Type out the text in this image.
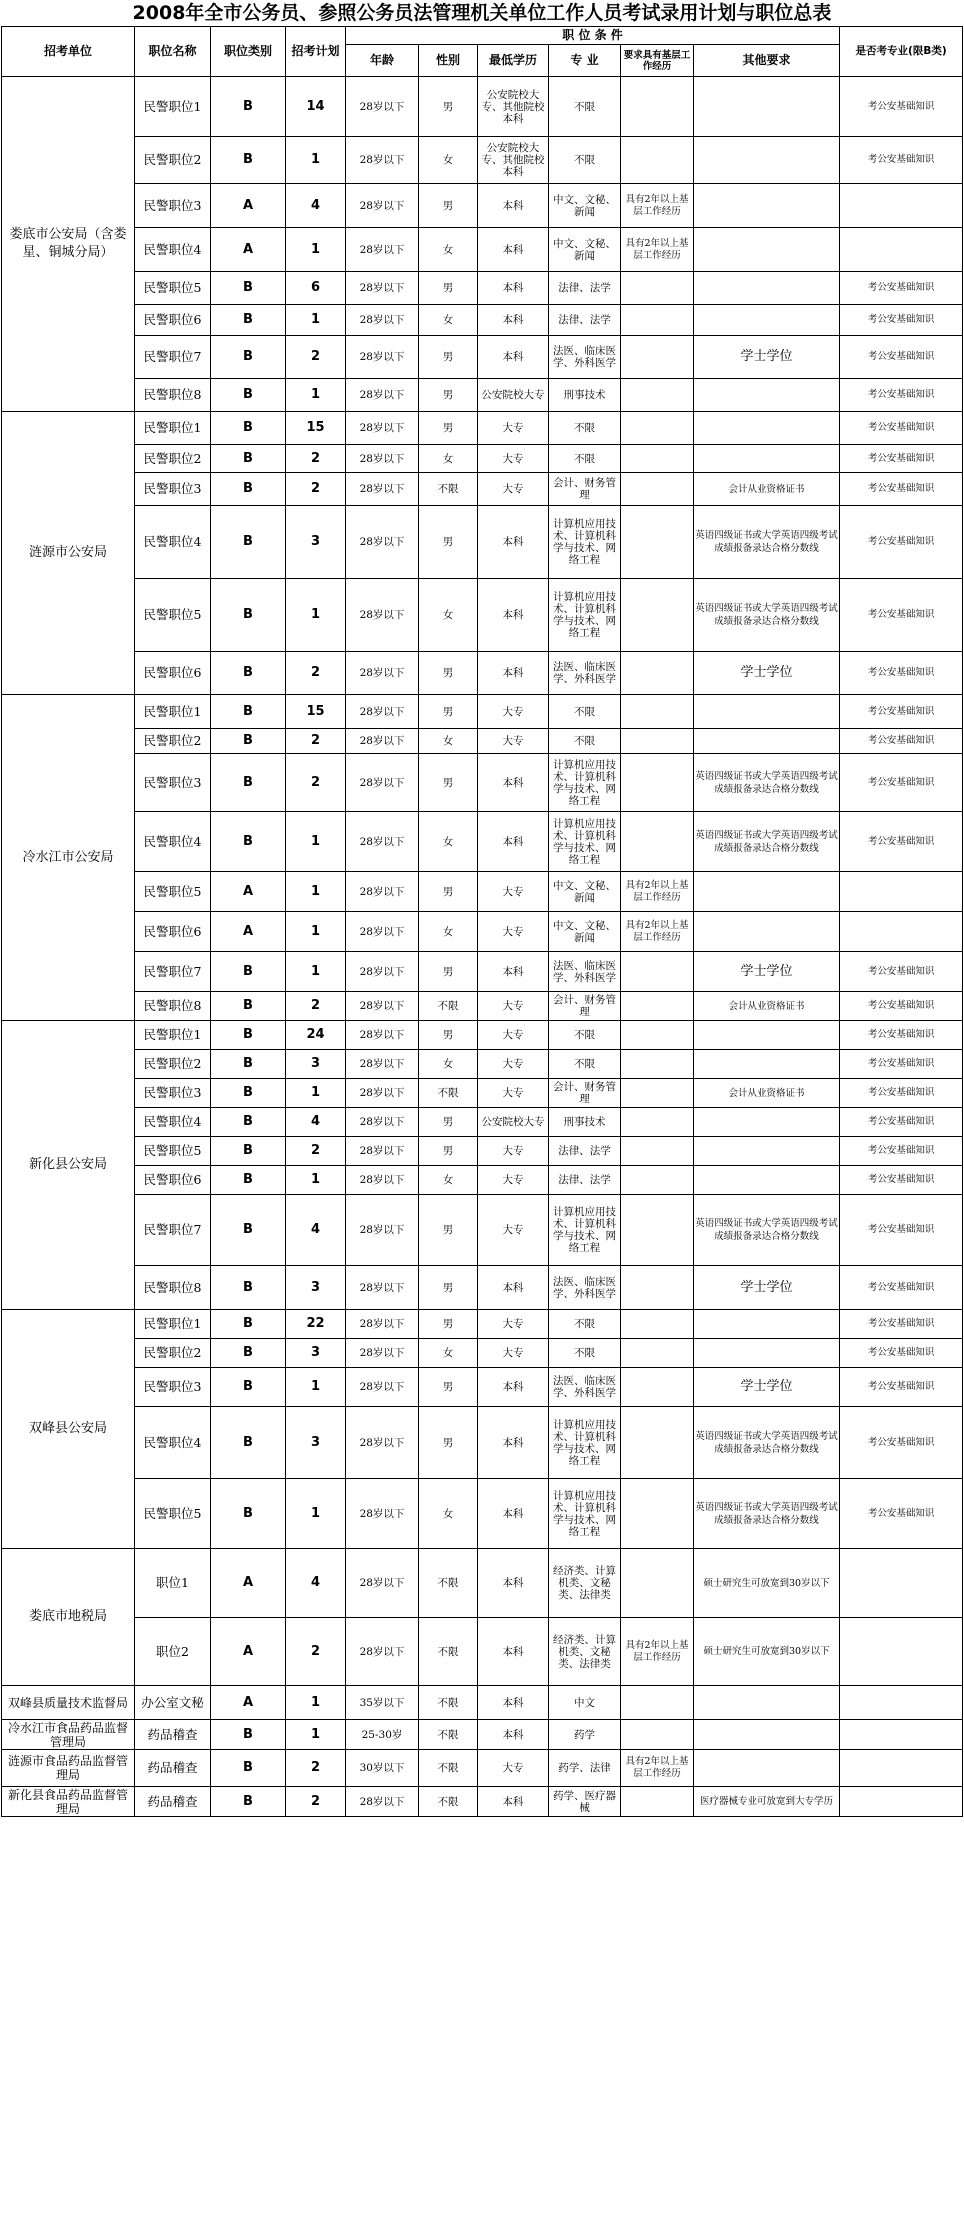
2008年全市公务员、参照公务员法管理机关单位工作人员考试录用计划与职位总表
招考单位	职位名称	职位类别	招考计划	职 位 条 件						是否考专业(限B类)
				年龄	性别	最低学历	专 业	要求具有基层工作经历	其他要求	
娄底市公安局（含娄星、铜城分局）	民警职位1	B	14	28岁以下	男	公安院校大专、其他院校本科	不限			考公安基础知识
	民警职位2	B	1	28岁以下	女	公安院校大专、其他院校本科	不限			考公安基础知识
	民警职位3	A	4	28岁以下	男	本科	中文、文秘、新闻	具有2年以上基层工作经历		
	民警职位4	A	1	28岁以下	女	本科	中文、文秘、新闻	具有2年以上基层工作经历		
	民警职位5	B	6	28岁以下	男	本科	法律、法学			考公安基础知识
	民警职位6	B	1	28岁以下	女	本科	法律、法学			考公安基础知识
	民警职位7	B	2	28岁以下	男	本科	法医、临床医学、外科医学		学士学位	考公安基础知识
	民警职位8	B	1	28岁以下	男	公安院校大专	刑事技术			考公安基础知识
涟源市公安局	民警职位1	B	15	28岁以下	男	大专	不限			考公安基础知识
	民警职位2	B	2	28岁以下	女	大专	不限			考公安基础知识
	民警职位3	B	2	28岁以下	不限	大专	会计、财务管理		会计从业资格证书	考公安基础知识
	民警职位4	B	3	28岁以下	男	本科	计算机应用技术、计算机科学与技术、网络工程		英语四级证书或大学英语四级考试成绩报备录达合格分数线	考公安基础知识
	民警职位5	B	1	28岁以下	女	本科	计算机应用技术、计算机科学与技术、网络工程		英语四级证书或大学英语四级考试成绩报备录达合格分数线	考公安基础知识
	民警职位6	B	2	28岁以下	男	本科	法医、临床医学、外科医学		学士学位	考公安基础知识
冷水江市公安局	民警职位1	B	15	28岁以下	男	大专	不限			考公安基础知识
	民警职位2	B	2	28岁以下	女	大专	不限			考公安基础知识
	民警职位3	B	2	28岁以下	男	本科	计算机应用技术、计算机科学与技术、网络工程		英语四级证书或大学英语四级考试成绩报备录达合格分数线	考公安基础知识
	民警职位4	B	1	28岁以下	女	本科	计算机应用技术、计算机科学与技术、网络工程		英语四级证书或大学英语四级考试成绩报备录达合格分数线	考公安基础知识
	民警职位5	A	1	28岁以下	男	大专	中文、文秘、新闻	具有2年以上基层工作经历		
	民警职位6	A	1	28岁以下	女	大专	中文、文秘、新闻	具有2年以上基层工作经历		
	民警职位7	B	1	28岁以下	男	本科	法医、临床医学、外科医学		学士学位	考公安基础知识
	民警职位8	B	2	28岁以下	不限	大专	会计、财务管理		会计从业资格证书	考公安基础知识
新化县公安局	民警职位1	B	24	28岁以下	男	大专	不限			考公安基础知识
	民警职位2	B	3	28岁以下	女	大专	不限			考公安基础知识
	民警职位3	B	1	28岁以下	不限	大专	会计、财务管理		会计从业资格证书	考公安基础知识
	民警职位4	B	4	28岁以下	男	公安院校大专	刑事技术			考公安基础知识
	民警职位5	B	2	28岁以下	男	大专	法律、法学			考公安基础知识
	民警职位6	B	1	28岁以下	女	大专	法律、法学			考公安基础知识
	民警职位7	B	4	28岁以下	男	大专	计算机应用技术、计算机科学与技术、网络工程		英语四级证书或大学英语四级考试成绩报备录达合格分数线	考公安基础知识
	民警职位8	B	3	28岁以下	男	本科	法医、临床医学、外科医学		学士学位	考公安基础知识
双峰县公安局	民警职位1	B	22	28岁以下	男	大专	不限			考公安基础知识
	民警职位2	B	3	28岁以下	女	大专	不限			考公安基础知识
	民警职位3	B	1	28岁以下	男	本科	法医、临床医学、外科医学		学士学位	考公安基础知识
	民警职位4	B	3	28岁以下	男	本科	计算机应用技术、计算机科学与技术、网络工程		英语四级证书或大学英语四级考试成绩报备录达合格分数线	考公安基础知识
	民警职位5	B	1	28岁以下	女	本科	计算机应用技术、计算机科学与技术、网络工程		英语四级证书或大学英语四级考试成绩报备录达合格分数线	考公安基础知识
娄底市地税局	职位1	A	4	28岁以下	不限	本科	经济类、计算机类、文秘类、法律类		硕士研究生可放宽到30岁以下	
	职位2	A	2	28岁以下	不限	本科	经济类、计算机类、文秘类、法律类	具有2年以上基层工作经历	硕士研究生可放宽到30岁以下	
双峰县质量技术监督局	办公室文秘	A	1	35岁以下	不限	本科	中文			
冷水江市食品药品监督管理局	药品稽查	B	1	25-30岁	不限	本科	药学			
涟源市食品药品监督管理局	药品稽查	B	2	30岁以下	不限	大专	药学、法律	具有2年以上基层工作经历		
新化县食品药品监督管理局	药品稽查	B	2	28岁以下	不限	本科	药学、医疗器械		医疗器械专业可放宽到大专学历	
